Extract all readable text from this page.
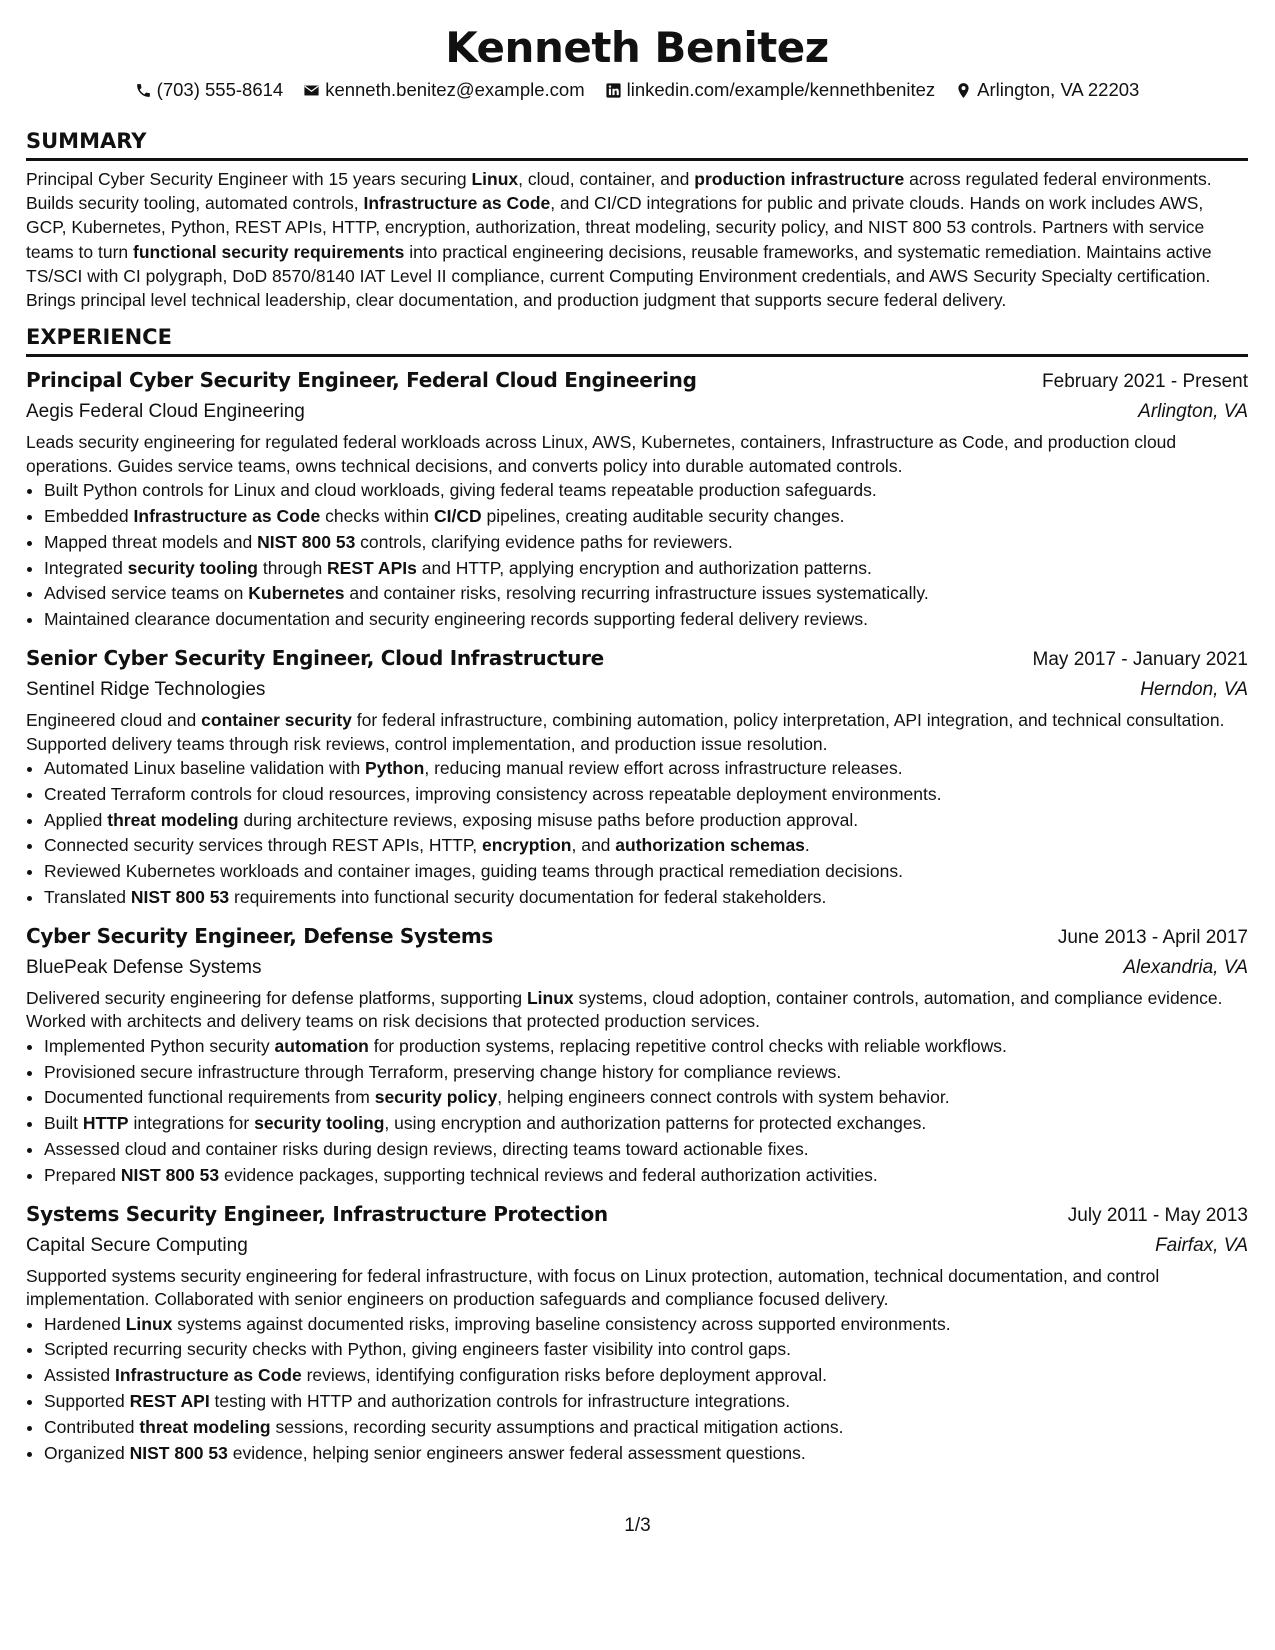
Kenneth Benitez
(703) 555-8614 kenneth.benitez@example.com linkedin.com/example/kennethbenitez Arlington, VA 22203
SUMMARY

Principal Cyber Security Engineer with 15 years securing Linux, cloud, container, and production infrastructure across regulated federal environments. Builds security tooling, automated controls, Infrastructure as Code, and CI/CD integrations for public and private clouds. Hands on work includes AWS, GCP, Kubernetes, Python, REST APIs, HTTP, encryption, authorization, threat modeling, security policy, and NIST 800 53 controls. Partners with service teams to turn functional security requirements into practical engineering decisions, reusable frameworks, and systematic remediation. Maintains active TS/SCI with CI polygraph, DoD 8570/8140 IAT Level II compliance, current Computing Environment credentials, and AWS Security Specialty certification. Brings principal level technical leadership, clear documentation, and production judgment that supports secure federal delivery.

EXPERIENCE
Principal Cyber Security Engineer, Federal Cloud Engineering	February 2021 - Present
Aegis Federal Cloud Engineering	Arlington, VA

Leads security engineering for regulated federal workloads across Linux, AWS, Kubernetes, containers, Infrastructure as Code, and production cloud operations. Guides service teams, owns technical decisions, and converts policy into durable automated controls.

• Built Python controls for Linux and cloud workloads, giving federal teams repeatable production safeguards.
• Embedded Infrastructure as Code checks within CI/CD pipelines, creating auditable security changes.
• Mapped threat models and NIST 800 53 controls, clarifying evidence paths for reviewers.
• Integrated security tooling through REST APIs and HTTP, applying encryption and authorization patterns.
• Advised service teams on Kubernetes and container risks, resolving recurring infrastructure issues systematically.
• Maintained clearance documentation and security engineering records supporting federal delivery reviews.
Senior Cyber Security Engineer, Cloud Infrastructure	May 2017 - January 2021
Sentinel Ridge Technologies	Herndon, VA

Engineered cloud and container security for federal infrastructure, combining automation, policy interpretation, API integration, and technical consultation. Supported delivery teams through risk reviews, control implementation, and production issue resolution.

• Automated Linux baseline validation with Python, reducing manual review effort across infrastructure releases.
• Created Terraform controls for cloud resources, improving consistency across repeatable deployment environments.
• Applied threat modeling during architecture reviews, exposing misuse paths before production approval.
• Connected security services through REST APIs, HTTP, encryption, and authorization schemas.
• Reviewed Kubernetes workloads and container images, guiding teams through practical remediation decisions.
• Translated NIST 800 53 requirements into functional security documentation for federal stakeholders.
Cyber Security Engineer, Defense Systems	June 2013 - April 2017
BluePeak Defense Systems	Alexandria, VA

Delivered security engineering for defense platforms, supporting Linux systems, cloud adoption, container controls, automation, and compliance evidence. Worked with architects and delivery teams on risk decisions that protected production services.

• Implemented Python security automation for production systems, replacing repetitive control checks with reliable workflows.
• Provisioned secure infrastructure through Terraform, preserving change history for compliance reviews.
• Documented functional requirements from security policy, helping engineers connect controls with system behavior.
• Built HTTP integrations for security tooling, using encryption and authorization patterns for protected exchanges.
• Assessed cloud and container risks during design reviews, directing teams toward actionable fixes.
• Prepared NIST 800 53 evidence packages, supporting technical reviews and federal authorization activities.
Systems Security Engineer, Infrastructure Protection	July 2011 - May 2013
Capital Secure Computing	Fairfax, VA

Supported systems security engineering for federal infrastructure, with focus on Linux protection, automation, technical documentation, and control implementation. Collaborated with senior engineers on production safeguards and compliance focused delivery.

• Hardened Linux systems against documented risks, improving baseline consistency across supported environments.
• Scripted recurring security checks with Python, giving engineers faster visibility into control gaps.
• Assisted Infrastructure as Code reviews, identifying configuration risks before deployment approval.
• Supported REST API testing with HTTP and authorization controls for infrastructure integrations.
• Contributed threat modeling sessions, recording security assumptions and practical mitigation actions.
• Organized NIST 800 53 evidence, helping senior engineers answer federal assessment questions.
1/3
